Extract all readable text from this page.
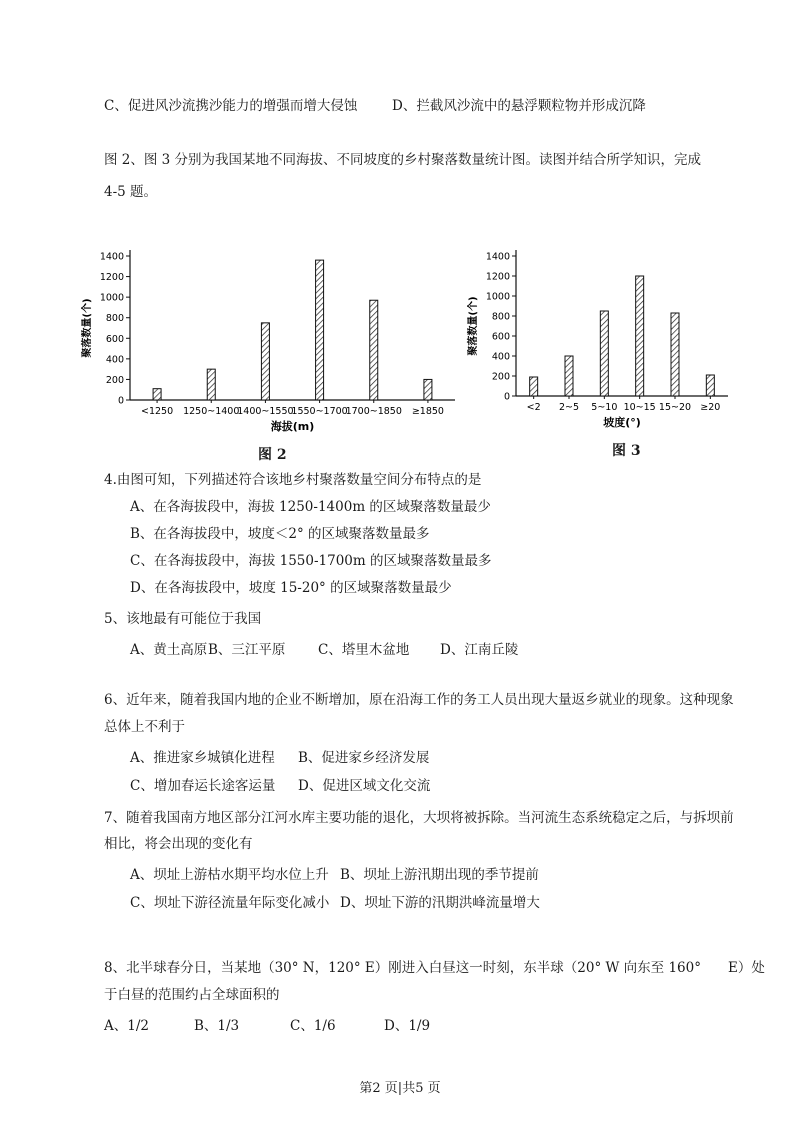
C、促进风沙流携沙能力的增强而增大侵蚀	D、拦截风沙流中的悬浮颗粒物并形成沉降
图 2、图 3 分别为我国某地不同海拔、不同坡度的乡村聚落数量统计图。读图并结合所学知识，完成
4-5 题。
0
200
400
600
800
1000
1200
1400
<1250 1250~1400
1400~1550
1550~1700
1700~1850 ≥1850
海拔(m)
聚落数量(个)
图 2
0
200
400
600
800
1000
1200
1400
<2 2~5 5~10 10~15 15~20 ≥20
坡度(°)
聚落数量(个)
图 3
4.由图可知，下列描述符合该地乡村聚落数量空间分布特点的是
A、在各海拔段中，海拔 1250-1400m 的区域聚落数量最少
B、在各海拔段中，坡度＜2° 的区域聚落数量最多
C、在各海拔段中，海拔 1550-1700m 的区域聚落数量最多
D、在各海拔段中，坡度 15-20° 的区域聚落数量最少
5、该地最有可能位于我国
A、黄土高原 B、三江平原 C、塔里木盆地 D、江南丘陵
6、近年来，随着我国内地的企业不断增加，原在沿海工作的务工人员出现大量返乡就业的现象。这种现象
总体上不利于
A、推进家乡城镇化进程 B、促进家乡经济发展
C、增加春运长途客运量 D、促进区域文化交流
7、随着我国南方地区部分江河水库主要功能的退化，大坝将被拆除。当河流生态系统稳定之后，与拆坝前
相比，将会出现的变化有
A、坝址上游枯水期平均水位上升 B、坝址上游汛期出现的季节提前
C、坝址下游径流量年际变化减小 D、坝址下游的汛期洪峰流量增大
8、北半球春分日，当某地（30° N，120° E）刚进入白昼这一时刻，东半球（20° W 向东至 160°　　E）处
于白昼的范围约占全球面积的
A、1/2	B、1/3	C、1/6	D、1/9
第2 页|共5 页
